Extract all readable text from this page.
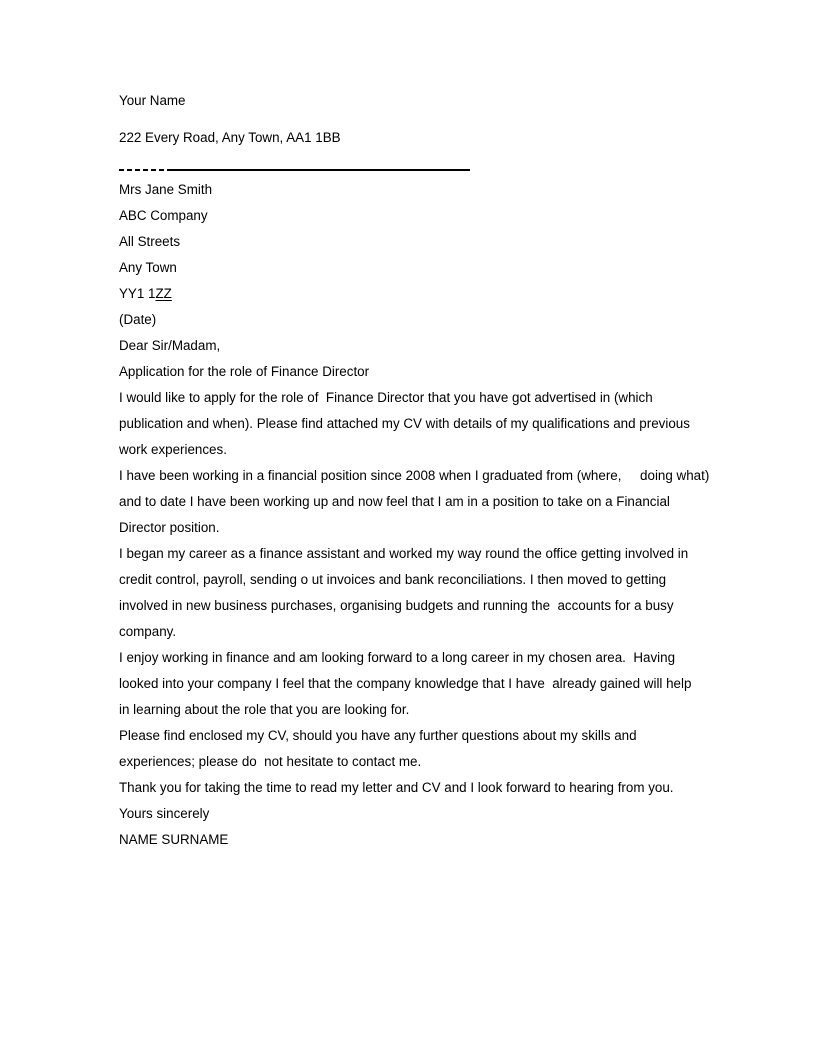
Your Name
222 Every Road, Any Town, AA1 1BB
Mrs Jane Smith
ABC Company
All Streets
Any Town
YY1 1ZZ
(Date)
Dear Sir/Madam,
Application for the role of Finance Director
I would like to apply for the role of  Finance Director that you have got advertised in (which
publication and when). Please find attached my CV with details of my qualifications and previous
work experiences.
I have been working in a financial position since 2008 when I graduated from (where,     doing what)
and to date I have been working up and now feel that I am in a position to take on a Financial
Director position.
I began my career as a finance assistant and worked my way round the office getting involved in
credit control, payroll, sending o ut invoices and bank reconciliations. I then moved to getting
involved in new business purchases, organising budgets and running the  accounts for a busy
company.
I enjoy working in finance and am looking forward to a long career in my chosen area.  Having
looked into your company I feel that the company knowledge that I have  already gained will help
in learning about the role that you are looking for.
Please find enclosed my CV, should you have any further questions about my skills and
experiences; please do  not hesitate to contact me.
Thank you for taking the time to read my letter and CV and I look forward to hearing from you.
Yours sincerely
NAME SURNAME
